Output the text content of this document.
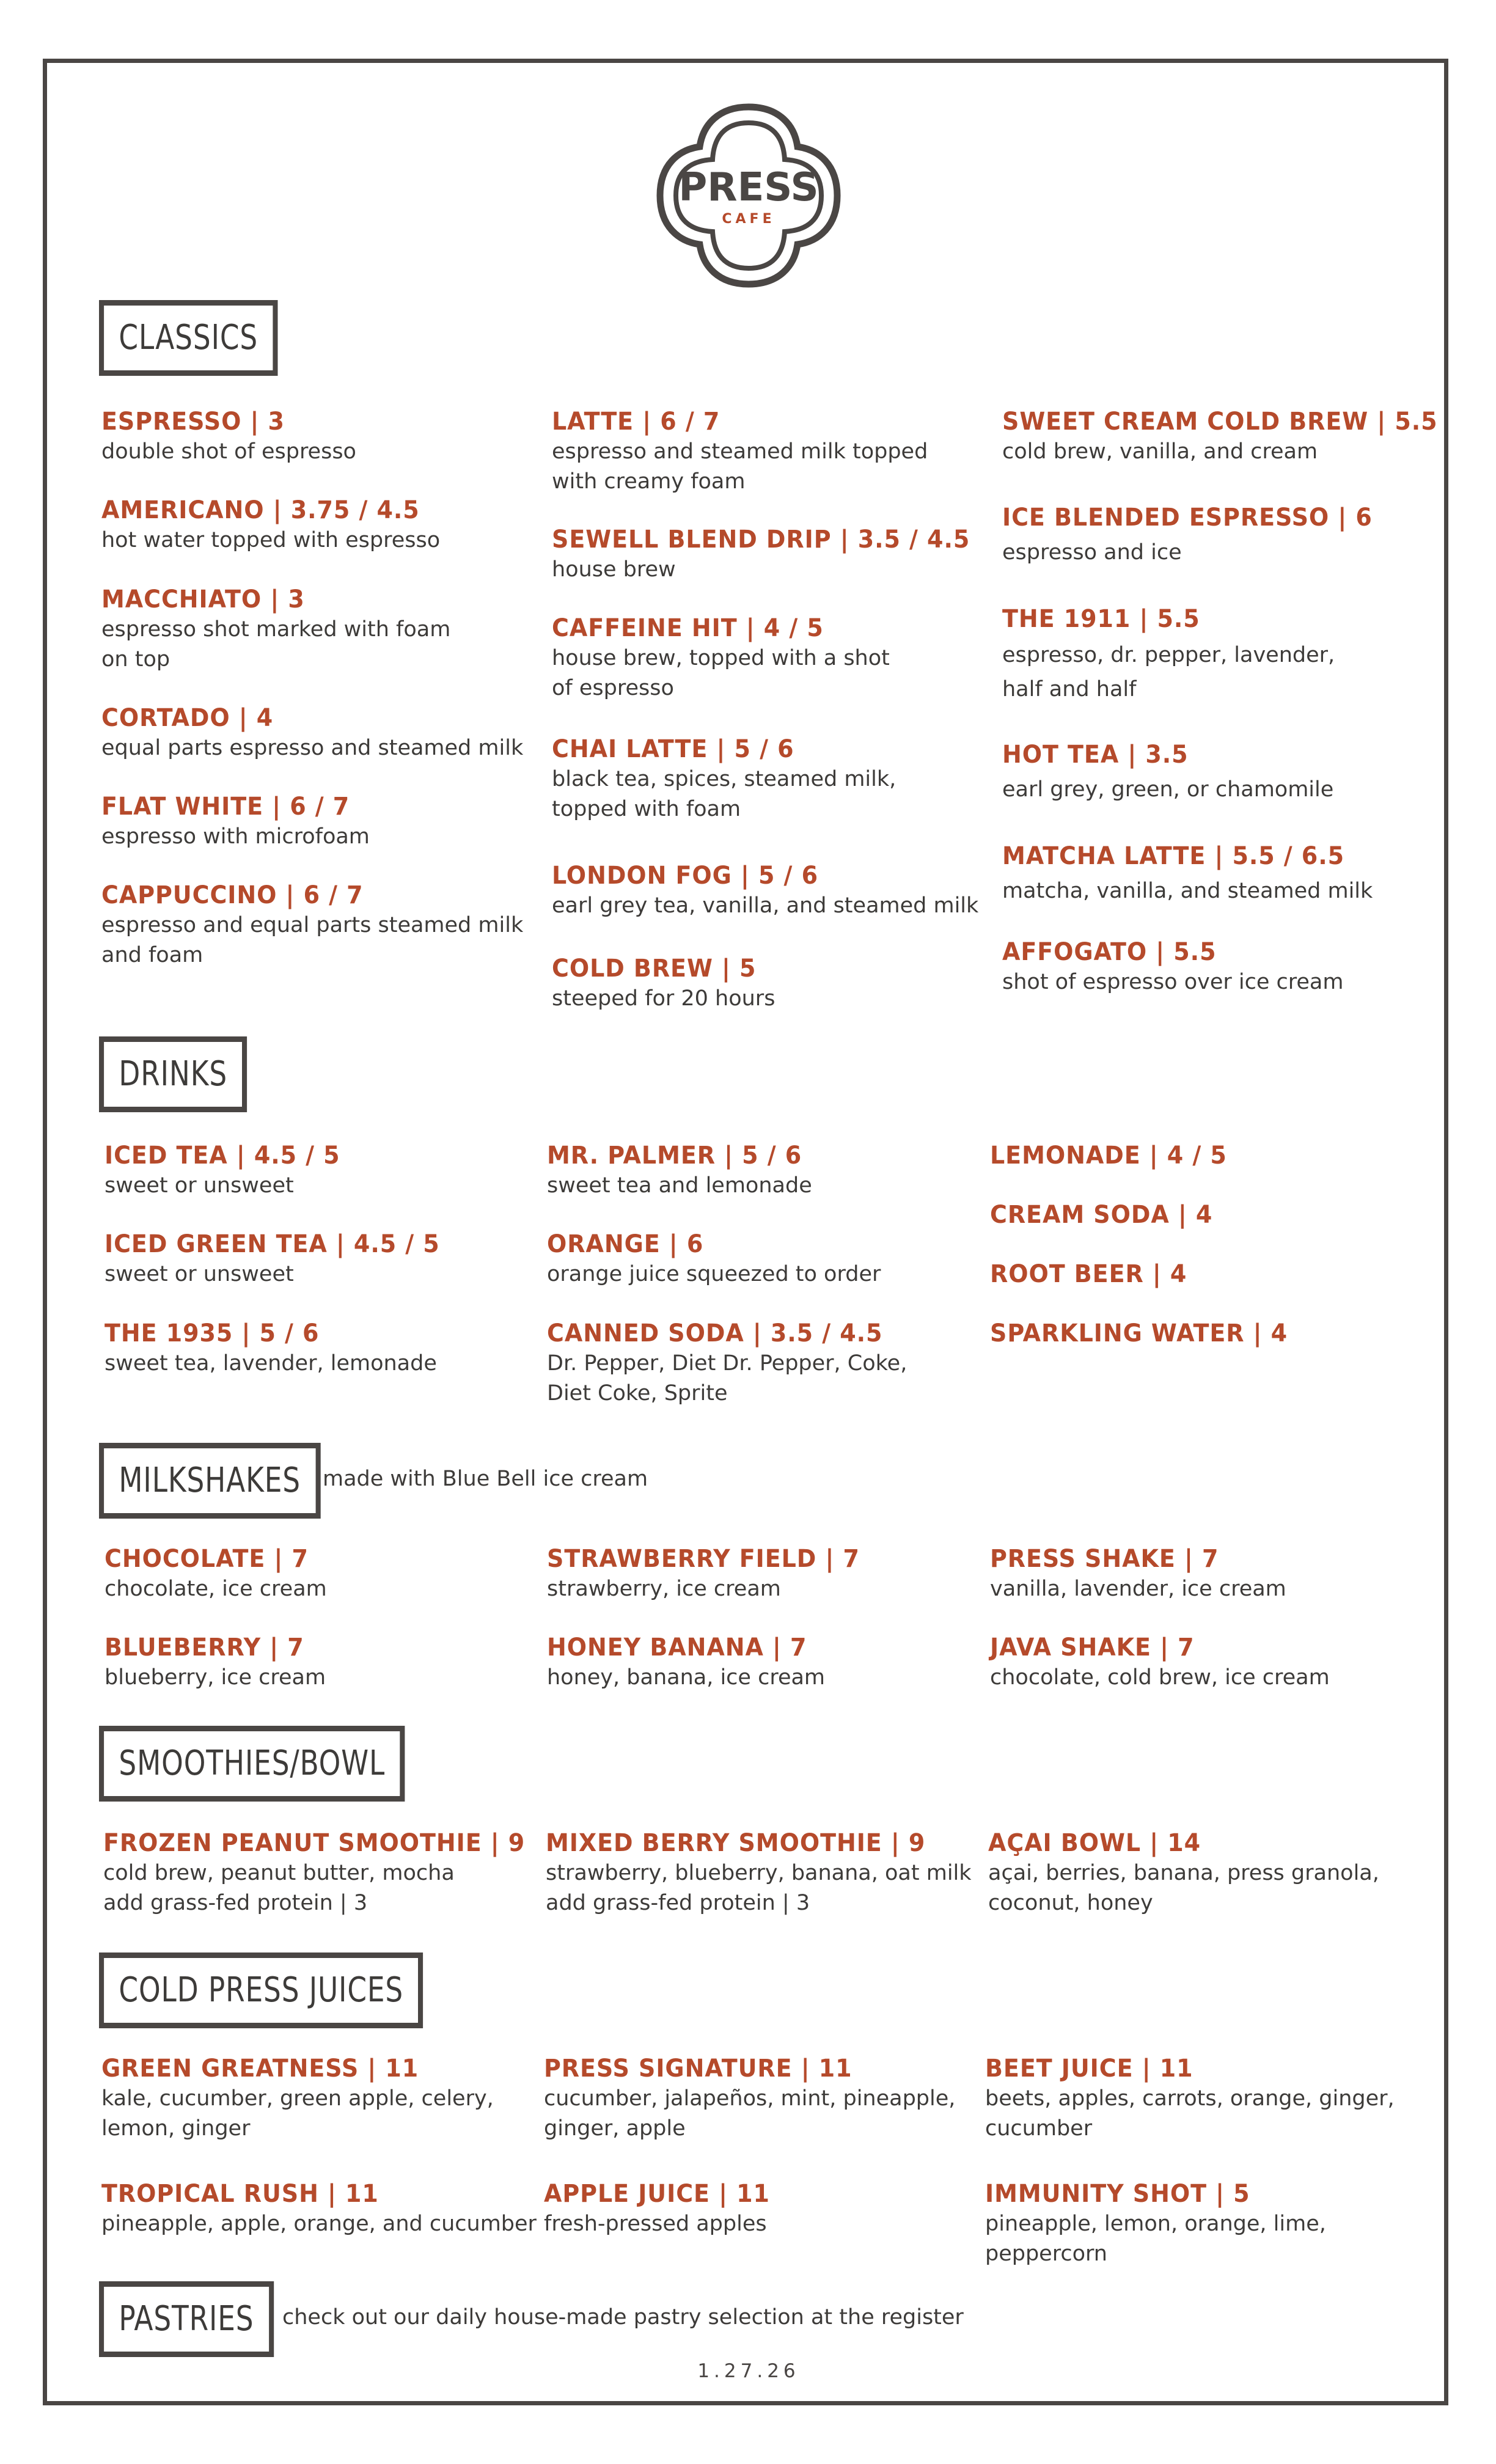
PRESS
CAFE
CLASSICS
DRINKS
MILKSHAKES	made with Blue Bell ice cream
SMOOTHIES/BOWL
COLD PRESS JUICES
PASTRIES	check out our daily house-made pastry selection at the register
ESPRESSO | 3
double shot of espresso
AMERICANO | 3.75 / 4.5
hot water topped with espresso
MACCHIATO | 3
espresso shot marked with foam
on top
CORTADO | 4
equal parts espresso and steamed milk
FLAT WHITE | 6 / 7
espresso with microfoam
CAPPUCCINO | 6 / 7
espresso and equal parts steamed milk
and foam
LATTE | 6 / 7
espresso and steamed milk topped
with creamy foam
SEWELL BLEND DRIP | 3.5 / 4.5
house brew
CAFFEINE HIT | 4 / 5
house brew, topped with a shot
of espresso
CHAI LATTE | 5 / 6
black tea, spices, steamed milk,
topped with foam
LONDON FOG | 5 / 6
earl grey tea, vanilla, and steamed milk
COLD BREW | 5
steeped for 20 hours
SWEET CREAM COLD BREW | 5.5
cold brew, vanilla, and cream
ICE BLENDED ESPRESSO | 6
espresso and ice
THE 1911 | 5.5
espresso, dr. pepper, lavender,
half and half
HOT TEA | 3.5
earl grey, green, or chamomile
MATCHA LATTE | 5.5 / 6.5
matcha, vanilla, and steamed milk
AFFOGATO | 5.5
shot of espresso over ice cream
ICED TEA | 4.5 / 5
sweet or unsweet
ICED GREEN TEA | 4.5 / 5
sweet or unsweet
THE 1935 | 5 / 6
sweet tea, lavender, lemonade
MR. PALMER | 5 / 6
sweet tea and lemonade
ORANGE | 6
orange juice squeezed to order
CANNED SODA | 3.5 / 4.5
Dr. Pepper, Diet Dr. Pepper, Coke,
Diet Coke, Sprite
LEMONADE | 4 / 5
CREAM SODA | 4
ROOT BEER | 4
SPARKLING WATER | 4
CHOCOLATE | 7
chocolate, ice cream
BLUEBERRY | 7
blueberry, ice cream
STRAWBERRY FIELD | 7
strawberry, ice cream
HONEY BANANA | 7
honey, banana, ice cream
PRESS SHAKE | 7
vanilla, lavender, ice cream
JAVA SHAKE | 7
chocolate, cold brew, ice cream
FROZEN PEANUT SMOOTHIE | 9
cold brew, peanut butter, mocha
add grass-fed protein | 3
MIXED BERRY SMOOTHIE | 9
strawberry, blueberry, banana, oat milk
add grass-fed protein | 3
AÇAI BOWL | 14
açai, berries, banana, press granola,
coconut, honey
GREEN GREATNESS | 11
kale, cucumber, green apple, celery,
lemon, ginger
TROPICAL RUSH | 11
pineapple, apple, orange, and cucumber
PRESS SIGNATURE | 11
cucumber, jalapeños, mint, pineapple,
ginger, apple
APPLE JUICE | 11
fresh-pressed apples
BEET JUICE | 11
beets, apples, carrots, orange, ginger,
cucumber
IMMUNITY SHOT | 5
pineapple, lemon, orange, lime, peppercorn
1.27.26
